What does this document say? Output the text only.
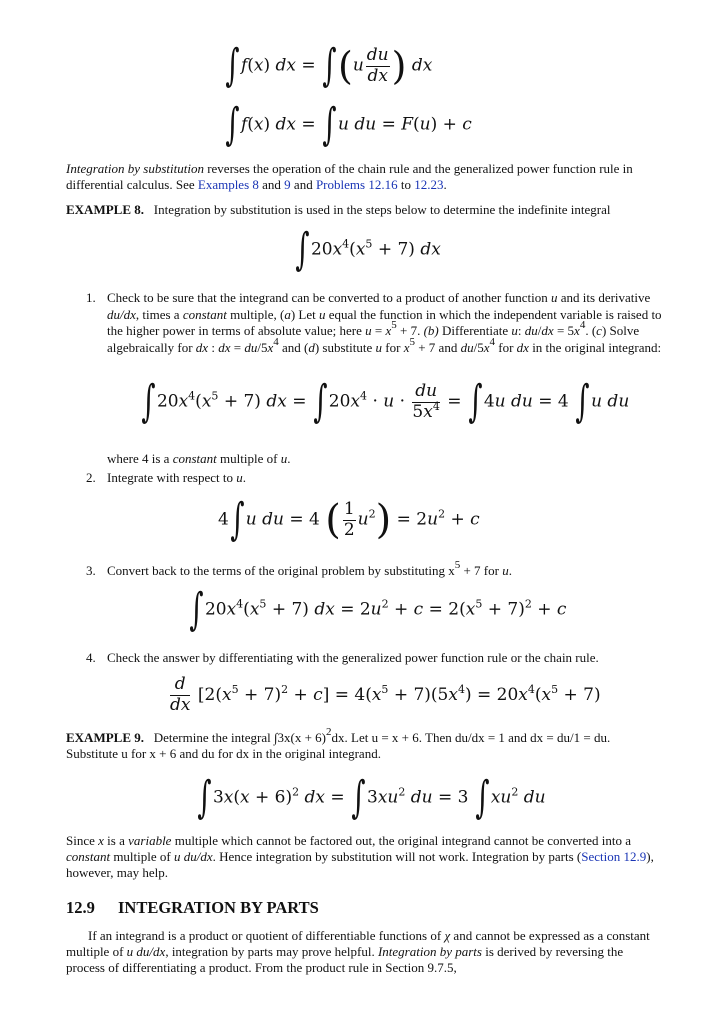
∫f(x) dx = $\int(u \frac{du}{dx}$ ) dx
∫f(x) dx = ∫u du = F(u) + c
Integration by substitution reverses the operation of the chain rule and the generalized power function rule in differential calculus. See Examples 8 and 9 and Problems 12.16 to 12.23.
EXAMPLE 8. Integration by substitution is used in the steps below to determine the indefinite integral
$\int 20x^4(x^5 + 7)$ dx
1. Check to be sure that the integrand can be converted to a product of another function u and its derivative du/dx, times a constant multiple, (a) Let u equal the function in which the independent variable is raised to the higher power in terms of absolute value; here $u = x^5 + 7$. (b) Differentiate u: $du/dx = 5x^4$. (c) Solve algebraically for dx : dx = $du/5x^4$ and (d) substitute u for $x^5 + 7$ and $du/5x^4$ for dx in the original integrand:
$\int 20x^4(x^5 + 7)$ dx = $\int 20x^4 \cdot u \cdot \frac{du}{5x^4} = \int 4u$ du = 4 ∫u du
where 4 is a constant multiple of u.
2. Integrate with respect to u.
4∫u du = 4 ( $\frac{1}{2} u^2) = 2u^2 + c$
3. Convert back to the terms of the original problem by substituting $x^5 + 7$ for u.
$\int 20x^4(x^5 + 7)$ dx = $2u^2 + c = 2(x^5 + 7)^2 + c$
4. Check the answer by differentiating with the generalized power function rule or the chain rule.
$\frac{d}{dx} [2(x^5 + 7)^2 + c] = 4(x^5 + 7)(5x^4) = 20x^4(x^5 + 7)$
EXAMPLE 9. Determine the integral $\int 3x(x + 6)^2dx$. Let u = x + 6. Then du/dx = 1 and dx = du/1 = du.
Substitute u for x + 6 and du for dx in the original integrand.
$\int 3x(x + 6)^2$ dx = $\int 3xu^2$ du = 3 $\int xu^2$ du
Since x is a variable multiple which cannot be factored out, the original integrand cannot be converted into a constant multiple of u du/dx. Hence integration by substitution will not work. Integration by parts (Section 12.9), however, may help.
12.9 INTEGRATION BY PARTS
If an integrand is a product or quotient of differentiable functions of χ and cannot be expressed as a constant multiple of u du/dx, integration by parts may prove helpful. Integration by parts is derived by reversing the process of differentiating a product. From the product rule in Section 9.7.5,
